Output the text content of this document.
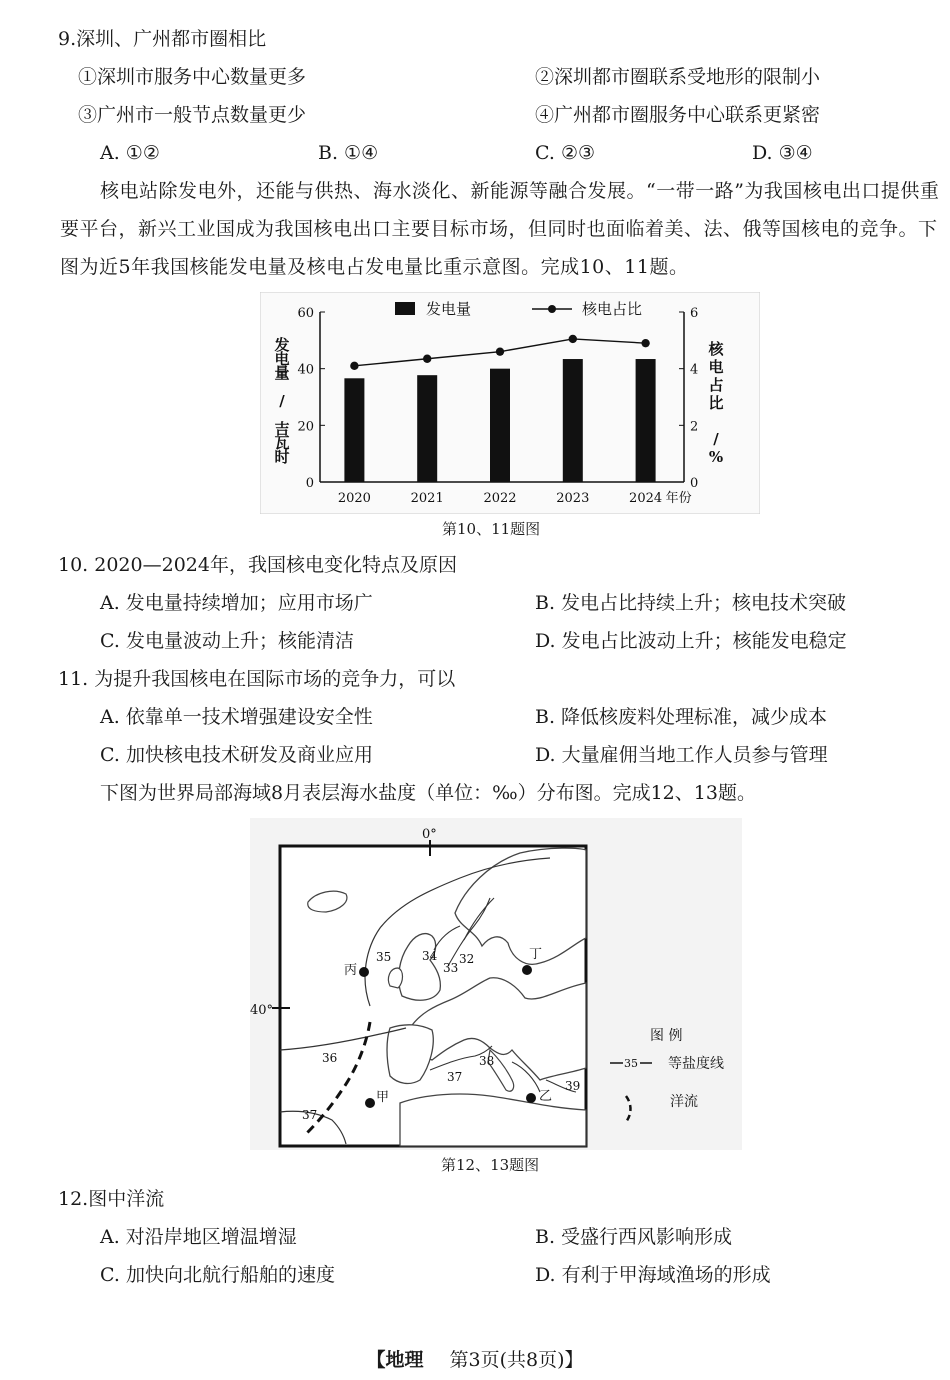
9.深圳、广州都市圈相比
①深圳市服务中心数量更多	②深圳都市圈联系受地形的限制小
③广州市一般节点数量更少	④广州都市圈服务中心联系更紧密
A. ①②	B. ①④	C. ②③	D. ③④
核电站除发电外，还能与供热、海水淡化、新能源等融合发展。“一带一路”为我国核电出口提供重要平台，新兴工业国成为我国核电出口主要目标市场，但同时也面临着美、法、俄等国核电的竞争。下图为近5年我国核能发电量及核电占发电量比重示意图。完成10、11题。
0
20
40
60
0
2
4
6
2020	2021	2022	2023	2024 年份
发电量	核电占比
发
电
量
/
吉
瓦
时
核
电
占
比
/
%
第10、11题图
10. 2020—2024年，我国核电变化特点及原因
A. 发电量持续增加；应用市场广	B. 发电占比持续上升；核电技术突破
C. 发电量波动上升；核能清洁	D. 发电占比波动上升；核能发电稳定
11. 为提升我国核电在国际市场的竞争力，可以
A. 依靠单一技术增强建设安全性	B. 降低核废料处理标准，减少成本
C. 加快核电技术研发及商业应用	D. 大量雇佣当地工作人员参与管理
下图为世界局部海域8月表层海水盐度（单位：‰）分布图。完成12、13题。
0°
40°
35	34
33
32
36
37
38
37
39
丙
丁
甲	乙
图 例
35 等盐度线
洋流
第12、13题图
12.图中洋流
A. 对沿岸地区增温增湿	B. 受盛行西风影响形成
C. 加快向北航行船舶的速度	D. 有利于甲海域渔场的形成
【地理 第3页(共8页)】
